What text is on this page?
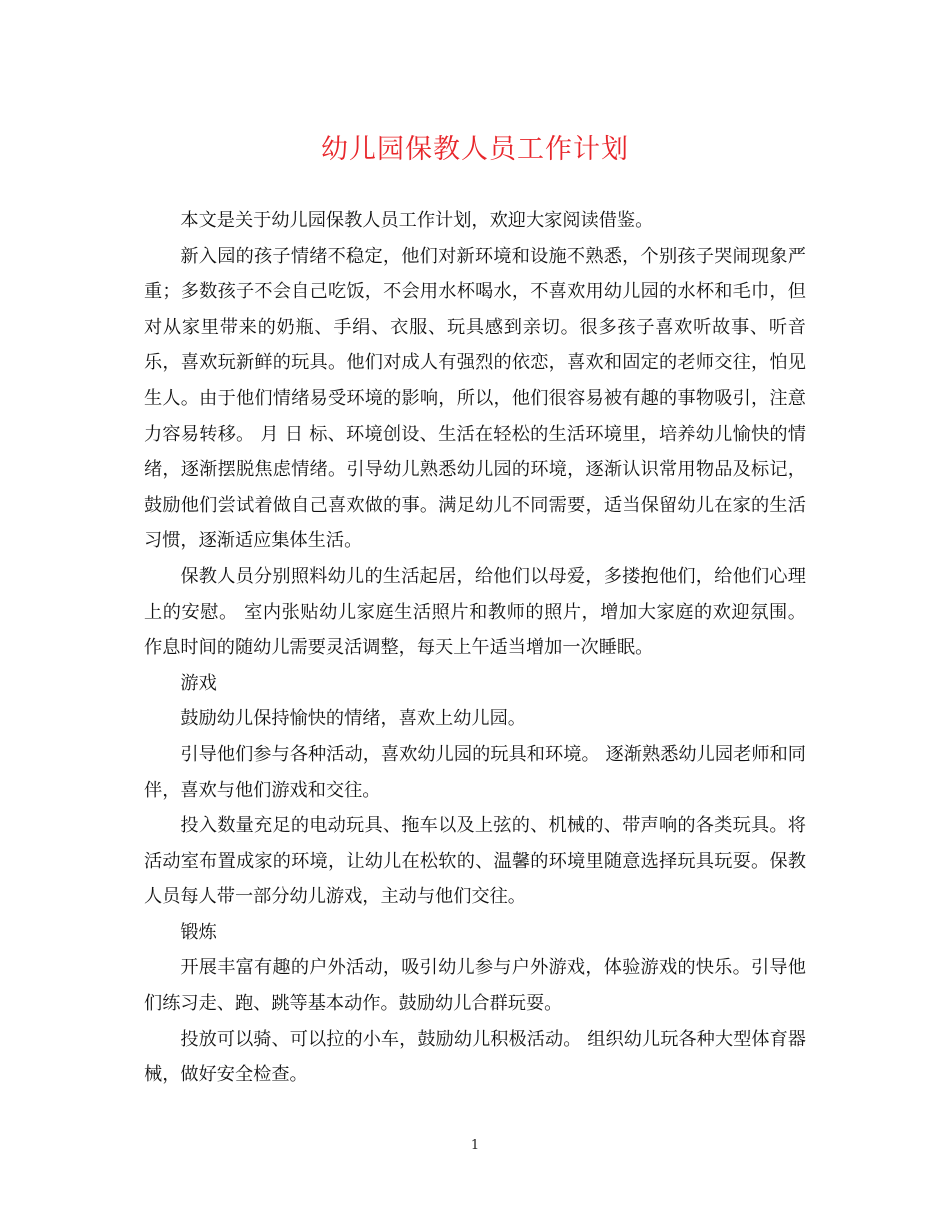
幼儿园保教人员工作计划

本文是关于幼儿园保教人员工作计划，欢迎大家阅读借鉴。

新入园的孩子情绪不稳定，他们对新环境和设施不熟悉，个别孩子哭闹现象严重；多数孩子不会自己吃饭，不会用水杯喝水，不喜欢用幼儿园的水杯和毛巾，但对从家里带来的奶瓶、手绢、衣服、玩具感到亲切。很多孩子喜欢听故事、听音乐，喜欢玩新鲜的玩具。他们对成人有强烈的依恋，喜欢和固定的老师交往，怕见生人。由于他们情绪易受环境的影响，所以，他们很容易被有趣的事物吸引，注意力容易转移。 月 日 标、环境创设、生活在轻松的生活环境里，培养幼儿愉快的情绪，逐渐摆脱焦虑情绪。引导幼儿熟悉幼儿园的环境，逐渐认识常用物品及标记，鼓励他们尝试着做自己喜欢做的事。满足幼儿不同需要，适当保留幼儿在家的生活习惯，逐渐适应集体生活。

保教人员分别照料幼儿的生活起居，给他们以母爱，多搂抱他们，给他们心理上的安慰。 室内张贴幼儿家庭生活照片和教师的照片，增加大家庭的欢迎氛围。 作息时间的随幼儿需要灵活调整，每天上午适当增加一次睡眠。

游戏

鼓励幼儿保持愉快的情绪，喜欢上幼儿园。

引导他们参与各种活动，喜欢幼儿园的玩具和环境。 逐渐熟悉幼儿园老师和同伴，喜欢与他们游戏和交往。

投入数量充足的电动玩具、拖车以及上弦的、机械的、带声响的各类玩具。将活动室布置成家的环境，让幼儿在松软的、温馨的环境里随意选择玩具玩耍。保教人员每人带一部分幼儿游戏，主动与他们交往。

锻炼

开展丰富有趣的户外活动，吸引幼儿参与户外游戏，体验游戏的快乐。引导他们练习走、跑、跳等基本动作。鼓励幼儿合群玩耍。

投放可以骑、可以拉的小车，鼓励幼儿积极活动。 组织幼儿玩各种大型体育器械，做好安全检查。

1
